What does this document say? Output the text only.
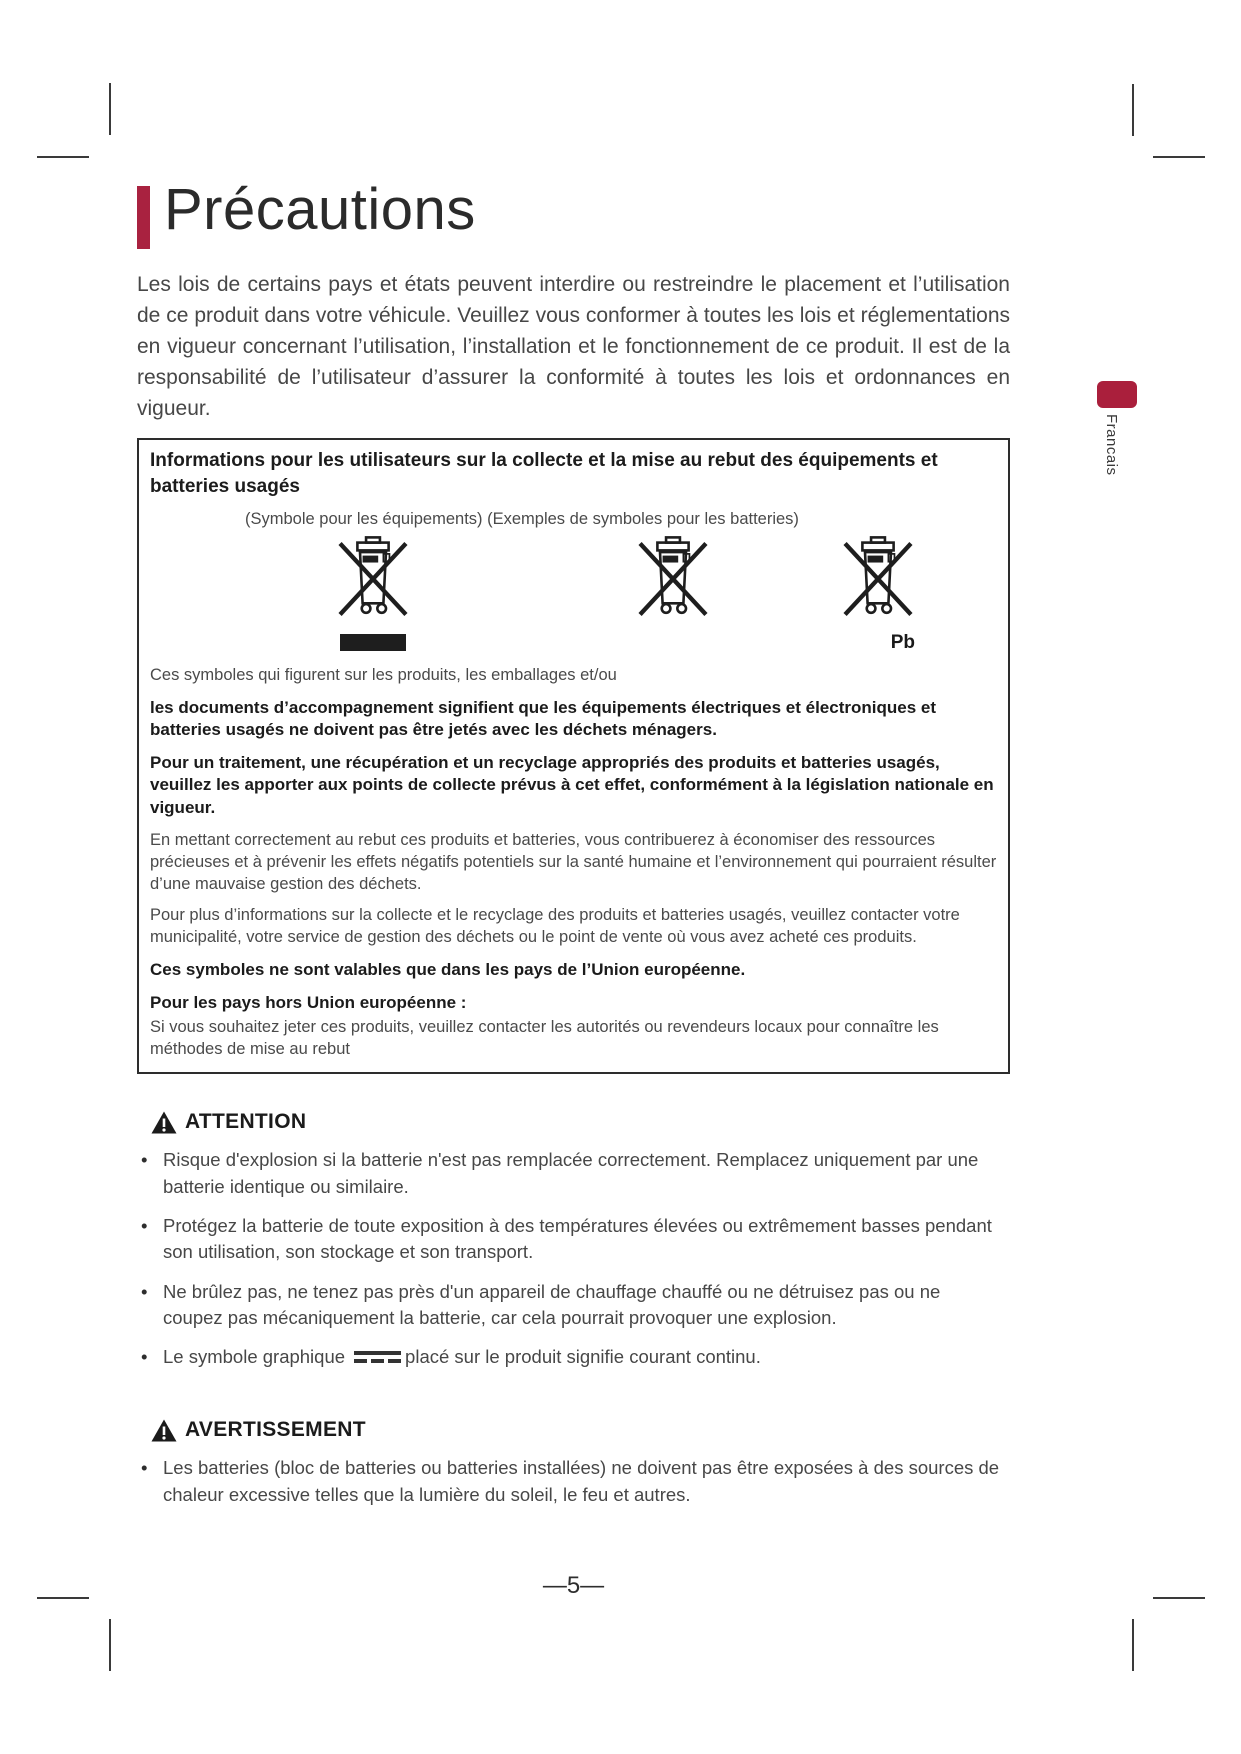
Francais
Précautions

Les lois de certains pays et états peuvent interdire ou restreindre le placement et l’utilisation de ce produit dans votre véhicule. Veuillez vous conformer à toutes les lois et réglementations en vigueur concernant l’utilisation, l’installation et le fonctionnement de ce produit. Il est de la responsabilité de l’utilisateur d’assurer la conformité à toutes les lois et ordonnances en vigueur.

Informations pour les utilisateurs sur la collecte et la mise au rebut des équipements et batteries usagés
(Symbole pour les équipements) (Exemples de symboles pour les batteries)
Pb
Ces symboles qui figurent sur les produits, les emballages et/ou
les documents d’accompagnement signifient que les équipements électriques et électroniques et batteries usagés ne doivent pas être jetés avec les déchets ménagers.
Pour un traitement, une récupération et un recyclage appropriés des produits et batteries usagés, veuillez les apporter aux points de collecte prévus à cet effet, conformément à la législation nationale en vigueur.
En mettant correctement au rebut ces produits et batteries, vous contribuerez à économiser des ressources précieuses et à prévenir les effets négatifs potentiels sur la santé humaine et l’environnement qui pourraient résulter d’une mauvaise gestion des déchets.
Pour plus d’informations sur la collecte et le recyclage des produits et batteries usagés, veuillez contacter votre municipalité, votre service de gestion des déchets ou le point de vente où vous avez acheté ces produits.
Ces symboles ne sont valables que dans les pays de l’Union européenne.
Pour les pays hors Union européenne :
Si vous souhaitez jeter ces produits, veuillez contacter les autorités ou revendeurs locaux pour connaître les méthodes de mise au rebut
ATTENTION
• Risque d'explosion si la batterie n'est pas remplacée correctement. Remplacez uniquement par une batterie identique ou similaire.
• Protégez la batterie de toute exposition à des températures élevées ou extrêmement basses pendant son utilisation, son stockage et son transport.
• Ne brûlez pas, ne tenez pas près d'un appareil de chauffage chauffé ou ne détruisez pas ou ne coupez pas mécaniquement la batterie, car cela pourrait provoquer une explosion.
• Le symbole graphique	placé sur le produit signifie courant continu.
AVERTISSEMENT
• Les batteries (bloc de batteries ou batteries installées) ne doivent pas être exposées à des sources de chaleur excessive telles que la lumière du soleil, le feu et autres.
—5—
